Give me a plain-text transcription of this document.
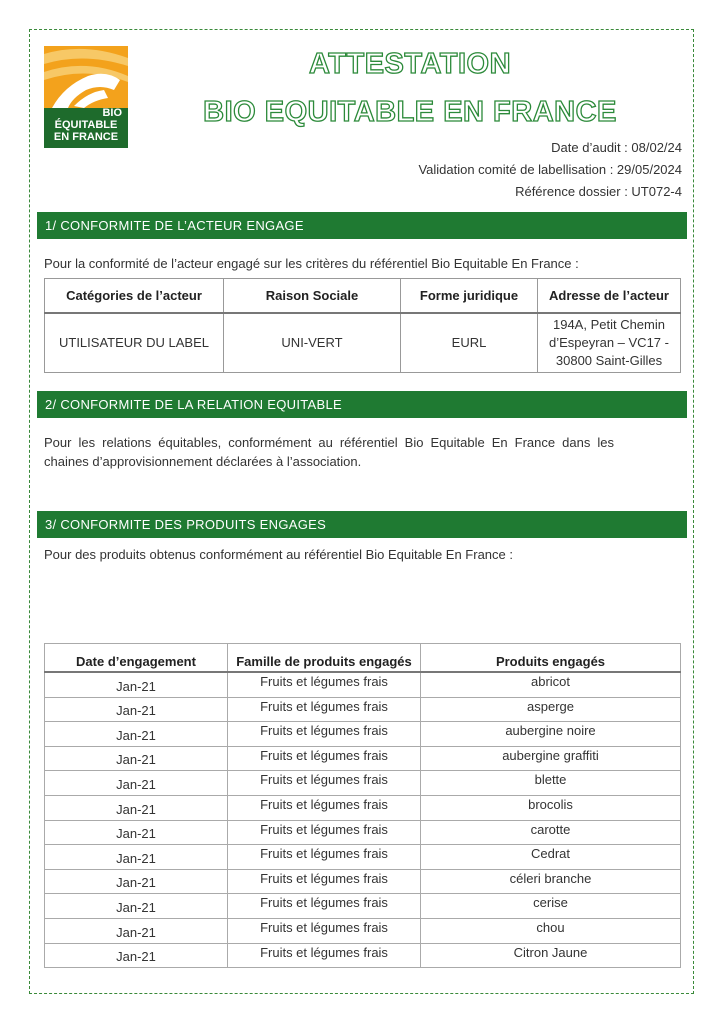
BIO
ÉQUITABLE
EN FRANCE
ATTESTATION
BIO EQUITABLE EN FRANCE
Date d’audit : 08/02/24
Validation comité de labellisation : 29/05/2024
Référence dossier : UT072-4
1/ CONFORMITE DE L’ACTEUR ENGAGE
Pour la conformité de l’acteur engagé sur les critères du référentiel Bio Equitable En France :
Catégories de l’acteur	Raison Sociale	Forme juridique	Adresse de l’acteur
UTILISATEUR DU LABEL	UNI-VERT	EURL	194A, Petit Chemin
d’Espeyran – VC17 -
30800 Saint-Gilles
2/ CONFORMITE DE LA RELATION EQUITABLE
Pour les relations équitables, conformément au référentiel Bio Equitable En France dans les
chaines d’approvisionnement déclarées à l’association.
3/ CONFORMITE DES PRODUITS ENGAGES
Pour des produits obtenus conformément au référentiel Bio Equitable En France :
Date d’engagement	Famille de produits engagés	Produits engagés
Jan-21	Fruits et légumes frais	abricot
Jan-21	Fruits et légumes frais	asperge
Jan-21	Fruits et légumes frais	aubergine noire
Jan-21	Fruits et légumes frais	aubergine graffiti
Jan-21	Fruits et légumes frais	blette
Jan-21	Fruits et légumes frais	brocolis
Jan-21	Fruits et légumes frais	carotte
Jan-21	Fruits et légumes frais	Cedrat
Jan-21	Fruits et légumes frais	céleri branche
Jan-21	Fruits et légumes frais	cerise
Jan-21	Fruits et légumes frais	chou
Jan-21	Fruits et légumes frais	Citron Jaune
